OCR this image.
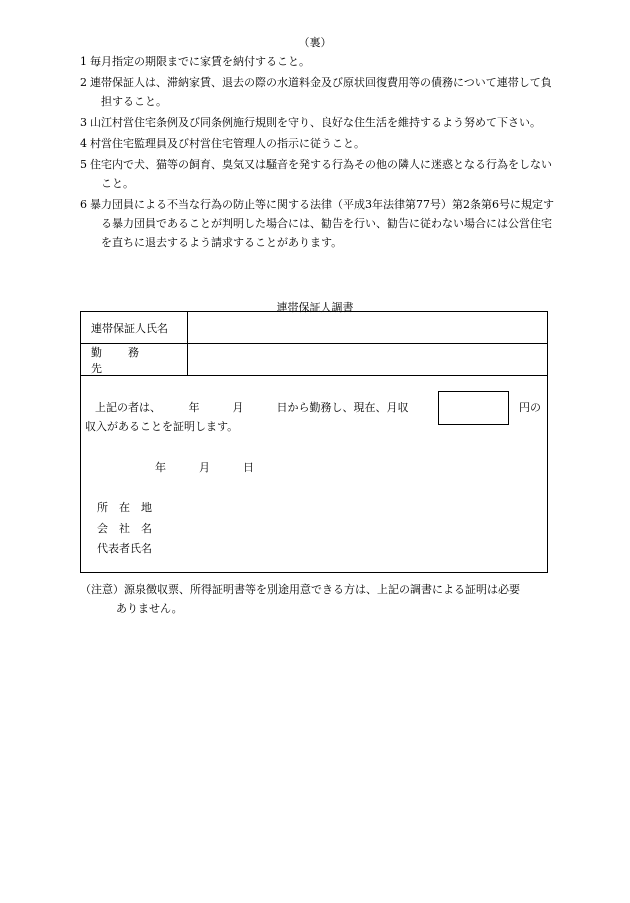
（裏）
1 毎月指定の期限までに家賃を納付すること。
2 連帯保証人は、滞納家賃、退去の際の水道料金及び原状回復費用等の債務について連帯して負担すること。
3 山江村営住宅条例及び同条例施行規則を守り、良好な住生活を維持するよう努めて下さい。
4 村営住宅監理員及び村営住宅管理人の指示に従うこと。
5 住宅内で犬、猫等の飼育、臭気又は騒音を発する行為その他の隣人に迷惑となる行為をしないこと。
6 暴力団員による不当な行為の防止等に関する法律（平成3年法律第77号）第2条第6号に規定する暴力団員であることが判明した場合には、勧告を行い、勧告に従わない場合には公営住宅を直ちに退去するよう請求することがあります。
連帯保証人調書
連帯保証人氏名
勤務先
上記の者は、　　　年　　　月　　　日から勤務し、現在、月収	円の
収入があることを証明します。
年　　　月　　　日
所　在　地
会　社　名
代表者氏名
（注意）源泉徴収票、所得証明書等を別途用意できる方は、上記の調書による証明は必要
ありません。
